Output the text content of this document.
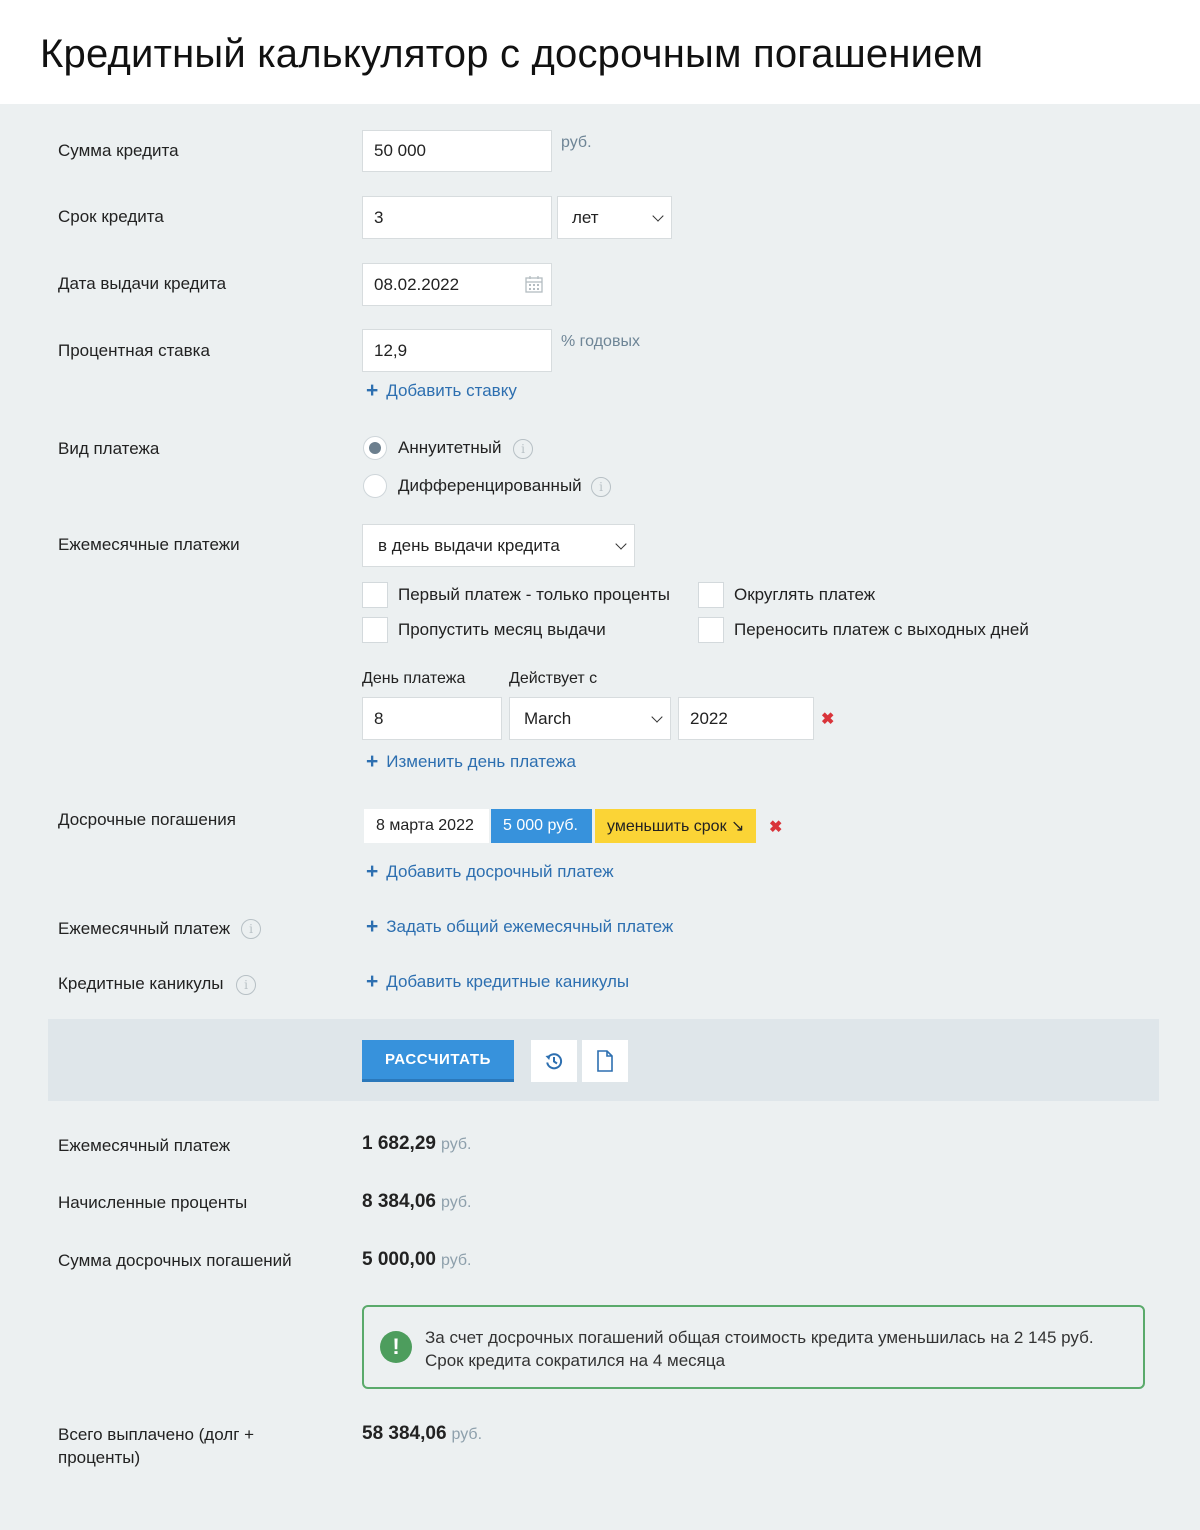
Кредитный калькулятор с досрочным погашением
Сумма кредита	50 000	руб.
Срок кредита	3	лет
Дата выдачи кредита	08.02.2022
Процентная ставка	12,9	% годовых
+ Добавить ставку
Вид платежа	Аннуитетный	i
Дифференцированный	i
Ежемесячные платежи	в день выдачи кредита
Первый платеж - только проценты	Округлять платеж
Пропустить месяц выдачи	Переносить платеж с выходных дней
День платежа	Действует с
8	March	2022	✖
+ Изменить день платежа
Досрочные погашения	8 марта 2022	5 000 руб.	уменьшить срок ↘	✖
+ Добавить досрочный платеж
Ежемесячный платеж	i	+ Задать общий ежемесячный платеж
Кредитные каникулы	i	+ Добавить кредитные каникулы
РАССЧИТАТЬ
Ежемесячный платеж	1 682,29 руб.
Начисленные проценты	8 384,06 руб.
Сумма досрочных погашений	5 000,00 руб.
!	За счет досрочных погашений общая стоимость кредита уменьшилась на 2 145 руб.
Срок кредита сократился на 4 месяца
Всего выплачено (долг + проценты)
58 384,06 руб.
